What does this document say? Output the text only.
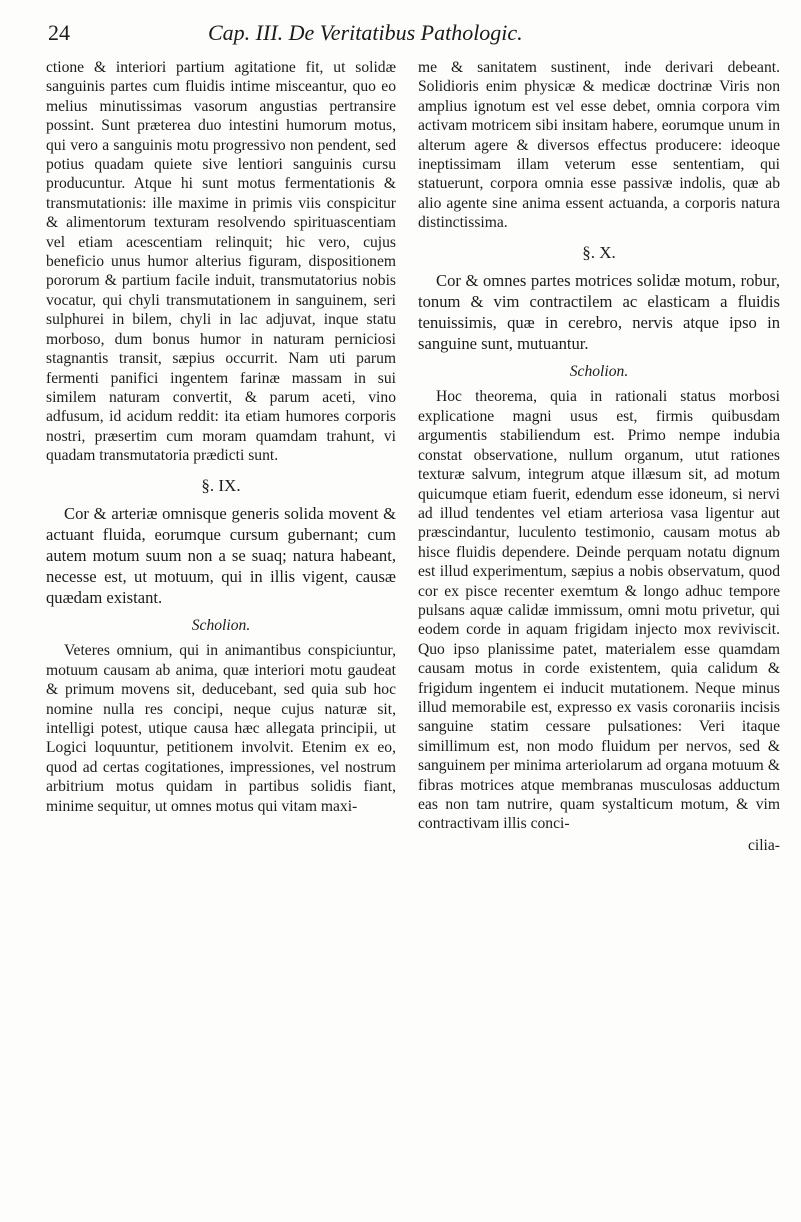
24	Cap. III. De Veritatibus Pathologic.

ctione & interiori partium agitatione fit, ut solidæ sanguinis partes cum fluidis intime misceantur, quo eo melius minutissimas vasorum angustias pertransire possint. Sunt præterea duo intestini humorum motus, qui vero a sanguinis motu progressivo non pendent, sed potius quadam quiete sive lentiori sanguinis cursu producuntur. Atque hi sunt motus fermentationis & transmutationis: ille maxime in primis viis conspicitur & alimentorum texturam resolvendo spirituascentiam vel etiam acescentiam relinquit; hic vero, cujus beneficio unus humor alterius figuram, dispositionem pororum & partium facile induit, transmutatorius nobis vocatur, qui chyli transmutationem in sanguinem, seri sulphurei in bilem, chyli in lac adjuvat, inque statu morboso, dum bonus humor in naturam perniciosi stagnantis transit, sæpius occurrit. Nam uti parum fermenti panifici ingentem farinæ massam in sui similem naturam convertit, & parum aceti, vino adfusum, id acidum reddit: ita etiam humores corporis nostri, præsertim cum moram quamdam trahunt, vi quadam transmutatoria prædicti sunt.

§. IX.

Cor & arteriæ omnisque generis solida movent & actuant fluida, eorumque cursum gubernant; cum autem motum suum non a se suaq; natura habeant, necesse est, ut motuum, qui in illis vigent, causæ quædam existant.

Scholion.

Veteres omnium, qui in animantibus conspiciuntur, motuum causam ab anima, quæ interiori motu gaudeat & primum movens sit, deducebant, sed quia sub hoc nomine nulla res concipi, neque cujus naturæ sit, intelligi potest, utique causa hæc allegata principii, ut Logici loquuntur, petitionem involvit. Etenim ex eo, quod ad certas cogitationes, impressiones, vel nostrum arbitrium motus quidam in partibus solidis fiant, minime sequitur, ut omnes motus qui vitam maxi-

me & sanitatem sustinent, inde derivari debeant. Solidioris enim physicæ & medicæ doctrinæ Viris non amplius ignotum est vel esse debet, omnia corpora vim activam motricem sibi insitam habere, eorumque unum in alterum agere & diversos effectus producere: ideoque ineptissimam illam veterum esse sententiam, qui statuerunt, corpora omnia esse passivæ indolis, quæ ab alio agente sine anima essent actuanda, a corporis natura distinctissima.

§. X.

Cor & omnes partes motrices solidæ motum, robur, tonum & vim contractilem ac elasticam a fluidis tenuissimis, quæ in cerebro, nervis atque ipso in sanguine sunt, mutuantur.

Scholion.

Hoc theorema, quia in rationali status morbosi explicatione magni usus est, firmis quibusdam argumentis stabiliendum est. Primo nempe indubia constat observatione, nullum organum, utut rationes texturæ salvum, integrum atque illæsum sit, ad motum quicumque etiam fuerit, edendum esse idoneum, si nervi ad illud tendentes vel etiam arteriosa vasa ligentur aut præscindantur, luculento testimonio, causam motus ab hisce fluidis dependere. Deinde perquam notatu dignum est illud experimentum, sæpius a nobis observatum, quod cor ex pisce recenter exemtum & longo adhuc tempore pulsans aquæ calidæ immissum, omni motu privetur, qui eodem corde in aquam frigidam injecto mox reviviscit. Quo ipso planissime patet, materialem esse quamdam causam motus in corde existentem, quia calidum & frigidum ingentem ei inducit mutationem. Neque minus illud memorabile est, expresso ex vasis coronariis incisis sanguine statim cessare pulsationes: Veri itaque simillimum est, non modo fluidum per nervos, sed & sanguinem per minima arteriolarum ad organa motuum & fibras motrices atque membranas musculosas adductum eas non tam nutrire, quam systalticum motum, & vim contractivam illis conci-

cilia-
